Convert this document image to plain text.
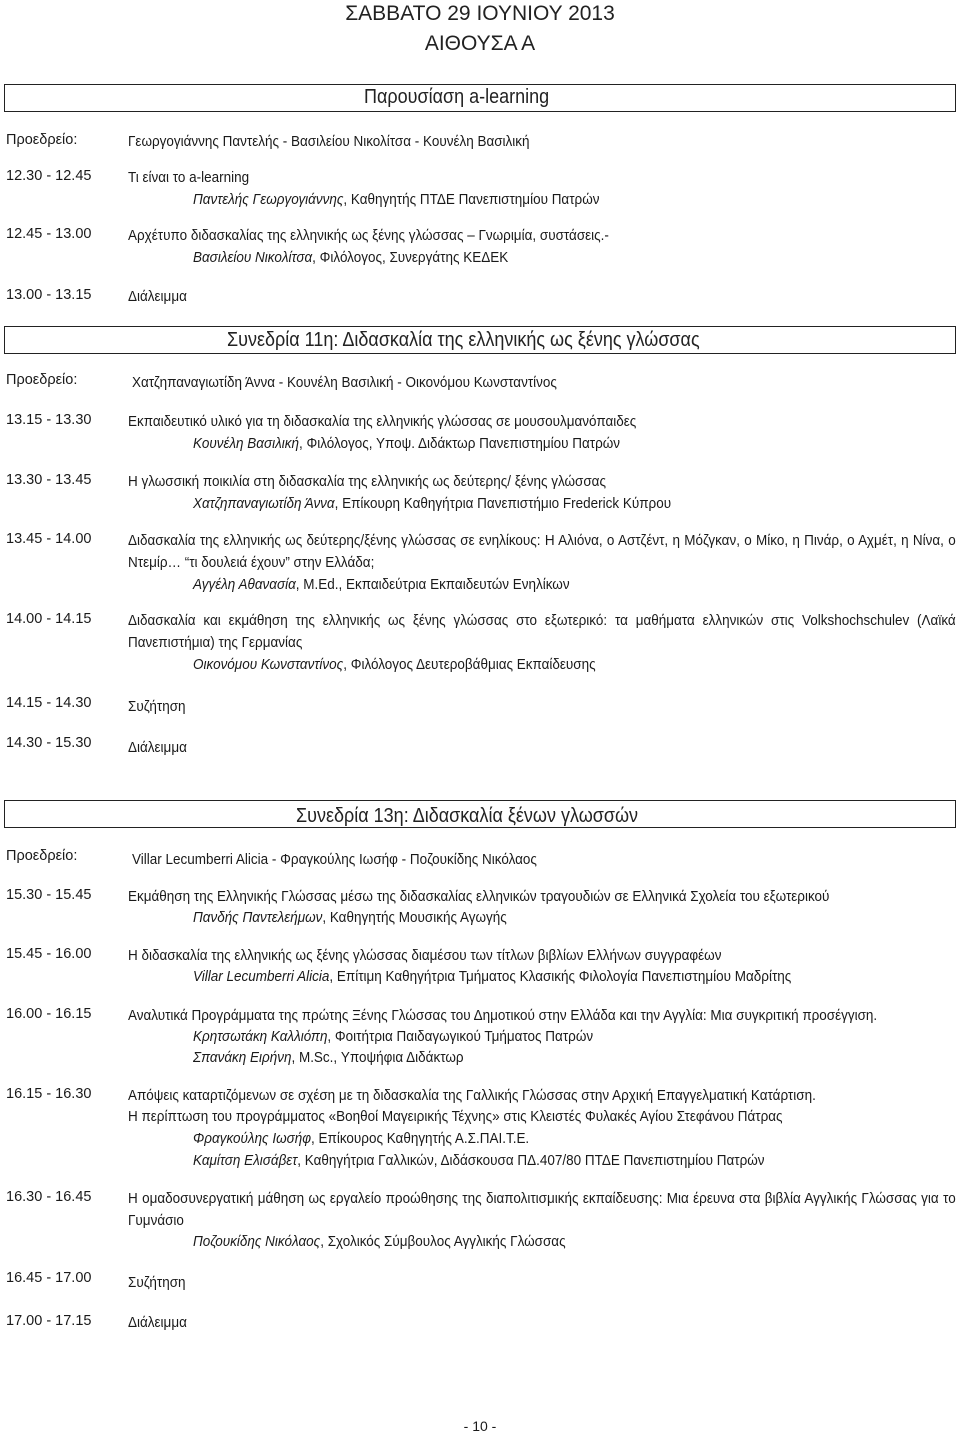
ΣΑΒΒΑΤΟ 29 ΙΟΥΝΙΟΥ 2013
ΑΙΘΟΥΣΑ Α
Παρουσίαση a-learning
Προεδρείο:	Γεωργογιάννης Παντελής - Βασιλείου Νικολίτσα - Κουνέλη Βασιλική
12.30 - 12.45	Τι είναι το a-learning
Παντελής Γεωργογιάννης, Καθηγητής ΠΤΔΕ Πανεπιστημίου Πατρών
12.45 - 13.00	Αρχέτυπο διδασκαλίας της ελληνικής ως ξένης γλώσσας – Γνωριμία, συστάσεις.-
Βασιλείου Νικολίτσα, Φιλόλογος, Συνεργάτης ΚΕΔΕΚ
13.00 - 13.15	Διάλειμμα
Συνεδρία 11η: Διδασκαλία της ελληνικής ως ξένης γλώσσας
Προεδρείο:	Χατζηπαναγιωτίδη Άννα - Κουνέλη Βασιλική - Οικονόμου Κωνσταντίνος
13.15 - 13.30	Εκπαιδευτικό υλικό για τη διδασκαλία της ελληνικής γλώσσας σε μουσουλμανόπαιδες
Κουνέλη Βασιλική, Φιλόλογος, Υποψ. Διδάκτωρ Πανεπιστημίου Πατρών
13.30 - 13.45	Η γλωσσική ποικιλία στη διδασκαλία της ελληνικής ως δεύτερης/ ξένης γλώσσας
Χατζηπαναγιωτίδη Άννα, Επίκουρη Καθηγήτρια Πανεπιστήμιο Frederick Κύπρου
13.45 - 14.00	Διδασκαλία της ελληνικής ως δεύτερης/ξένης γλώσσας σε ενηλίκους: Η Αλιόνα, ο Αστζέντ, η Μόζγκαν, ο Μίκο, η Πινάρ, ο Αχμέτ, η Νίνα, ο Ντεμίρ… “τι δουλειά έχουν” στην Ελλάδα;
Αγγέλη Αθανασία, M.Ed., Εκπαιδεύτρια Εκπαιδευτών Ενηλίκων
14.00 - 14.15	Διδασκαλία και εκμάθηση της ελληνικής ως ξένης γλώσσας στο εξωτερικό: τα μαθήματα ελληνικών στις Volkshochschulev (Λαϊκά Πανεπιστήμια) της Γερμανίας
Οικονόμου Κωνσταντίνος, Φιλόλογος Δευτεροβάθμιας Εκπαίδευσης
14.15 - 14.30	Συζήτηση
14.30 - 15.30	Διάλειμμα
Συνεδρία 13η: Διδασκαλία ξένων γλωσσών
Προεδρείο:	Villar Lecumberri Alicia - Φραγκούλης Ιωσήφ - Ποζουκίδης Νικόλαος
15.30 - 15.45	Εκμάθηση της Ελληνικής Γλώσσας μέσω της διδασκαλίας ελληνικών τραγουδιών σε Ελληνικά Σχολεία του εξωτερικού
Πανδής Παντελεήμων, Καθηγητής Μουσικής Αγωγής
15.45 - 16.00	Η διδασκαλία της ελληνικής ως ξένης γλώσσας διαμέσου των τίτλων βιβλίων Ελλήνων συγγραφέων
Villar Lecumberri Alicia, Επίτιμη Καθηγήτρια Τμήματος Κλασικής Φιλολογία Πανεπιστημίου Μαδρίτης
16.00 - 16.15	Αναλυτικά Προγράμματα της πρώτης Ξένης Γλώσσας του Δημοτικού στην Ελλάδα και την Αγγλία: Μια συγκριτική προσέγγιση.
Κρητσωτάκη Καλλιόπη, Φοιτήτρια Παιδαγωγικού Τμήματος Πατρών
Σπανάκη Ειρήνη, M.Sc., Υποψήφια Διδάκτωρ
16.15 - 16.30	Απόψεις καταρτιζόμενων σε σχέση με τη διδασκαλία της Γαλλικής Γλώσσας στην Αρχική Επαγγελματική Κατάρτιση.
Η περίπτωση του προγράμματος «Βοηθοί Μαγειρικής Τέχνης» στις Κλειστές Φυλακές Αγίου Στεφάνου Πάτρας
Φραγκούλης Ιωσήφ, Επίκουρος Καθηγητής Α.Σ.ΠΑΙ.Τ.Ε.
Καμίτση Ελισάβετ, Καθηγήτρια Γαλλικών, Διδάσκουσα ΠΔ.407/80 ΠΤΔΕ Πανεπιστημίου Πατρών
16.30 - 16.45	Η ομαδοσυνεργατική μάθηση ως εργαλείο προώθησης της διαπολιτισμικής εκπαίδευσης: Μια έρευνα στα βιβλία Αγγλικής Γλώσσας για το Γυμνάσιο
Ποζουκίδης Νικόλαος, Σχολικός Σύμβουλος Αγγλικής Γλώσσας
16.45 - 17.00	Συζήτηση
17.00 - 17.15	Διάλειμμα
- 10 -
